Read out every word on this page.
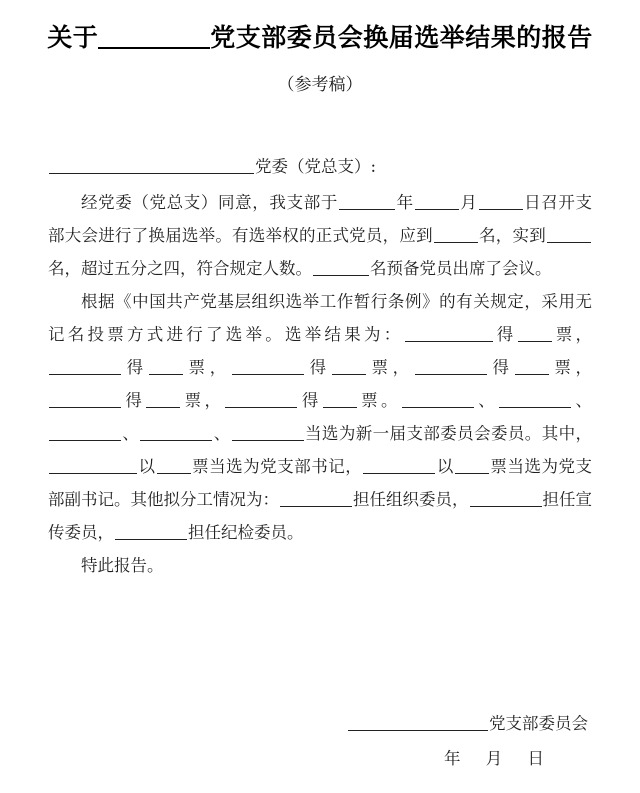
关于	党支部委员会换届选举结果的报告
（参考稿）

党委（党总支）:

经党委（党总支）同意，我支部于	年	月	日召开支部大会进行了换届选举。有选举权的正式党员，应到	名，实到名，超过五分之四，符合规定人数。	名预备党员出席了会议。

根据《中国共产党基层组织选举工作暂行条例》的有关规定，采用无记名投票方式进行了选举。选举结果为：	得 票，得 票，	得 票，	得 票，得 票，	得 票。	、	、、	、	当选为新一届支部委员会委员。其中，以 票当选为党支部书记，	以 票当选为党支部副书记。其他拟分工情况为：	担任组织委员，	担任宣传委员，	担任纪检委员。

特此报告。

党支部委员会
年 月 日
